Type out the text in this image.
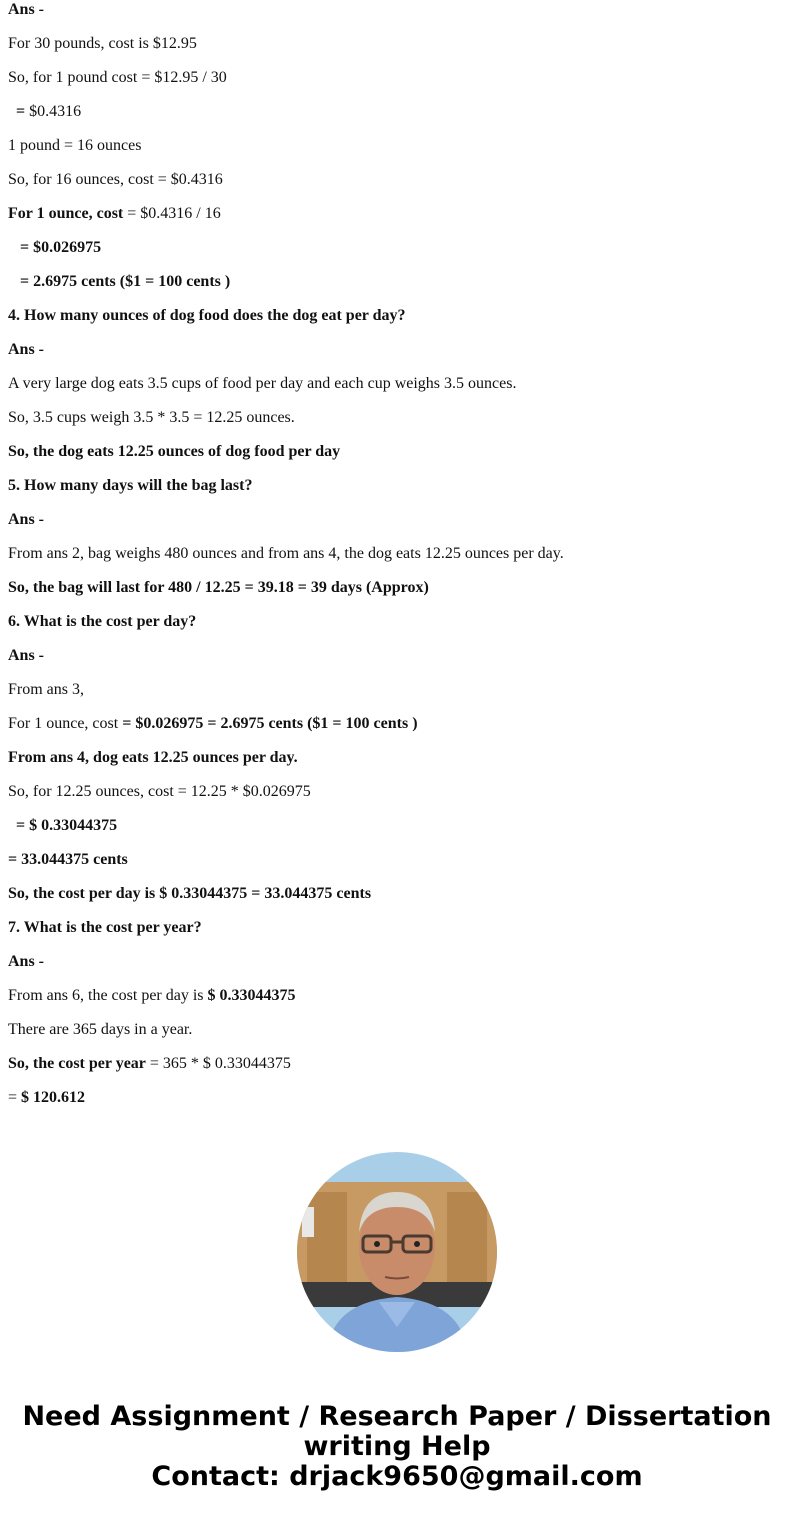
Ans -
For 30 pounds, cost is $12.95
So, for 1 pound cost = $12.95 / 30
= $0.4316
1 pound = 16 ounces
So, for 16 ounces, cost = $0.4316
For 1 ounce, cost = $0.4316 / 16
= $0.026975
= 2.6975 cents ($1 = 100 cents )
4. How many ounces of dog food does the dog eat per day?
Ans -
A very large dog eats 3.5 cups of food per day and each cup weighs 3.5 ounces.
So, 3.5 cups weigh 3.5 * 3.5 = 12.25 ounces.
So, the dog eats 12.25 ounces of dog food per day
5. How many days will the bag last?
Ans -
From ans 2, bag weighs 480 ounces and from ans 4, the dog eats 12.25 ounces per day.
So, the bag will last for 480 / 12.25 = 39.18 = 39 days (Approx)
6. What is the cost per day?
Ans -
From ans 3,
For 1 ounce, cost = $0.026975 = 2.6975 cents ($1 = 100 cents )
From ans 4, dog eats 12.25 ounces per day.
So, for 12.25 ounces, cost = 12.25 * $0.026975
= $ 0.33044375
= 33.044375 cents
So, the cost per day is $ 0.33044375 = 33.044375 cents
7. What is the cost per year?
Ans -
From ans 6, the cost per day is $ 0.33044375
There are 365 days in a year.
So, the cost per year = 365 * $ 0.33044375
= $ 120.612
Need Assignment / Research Paper / Dissertation
writing Help
Contact: drjack9650@gmail.com
